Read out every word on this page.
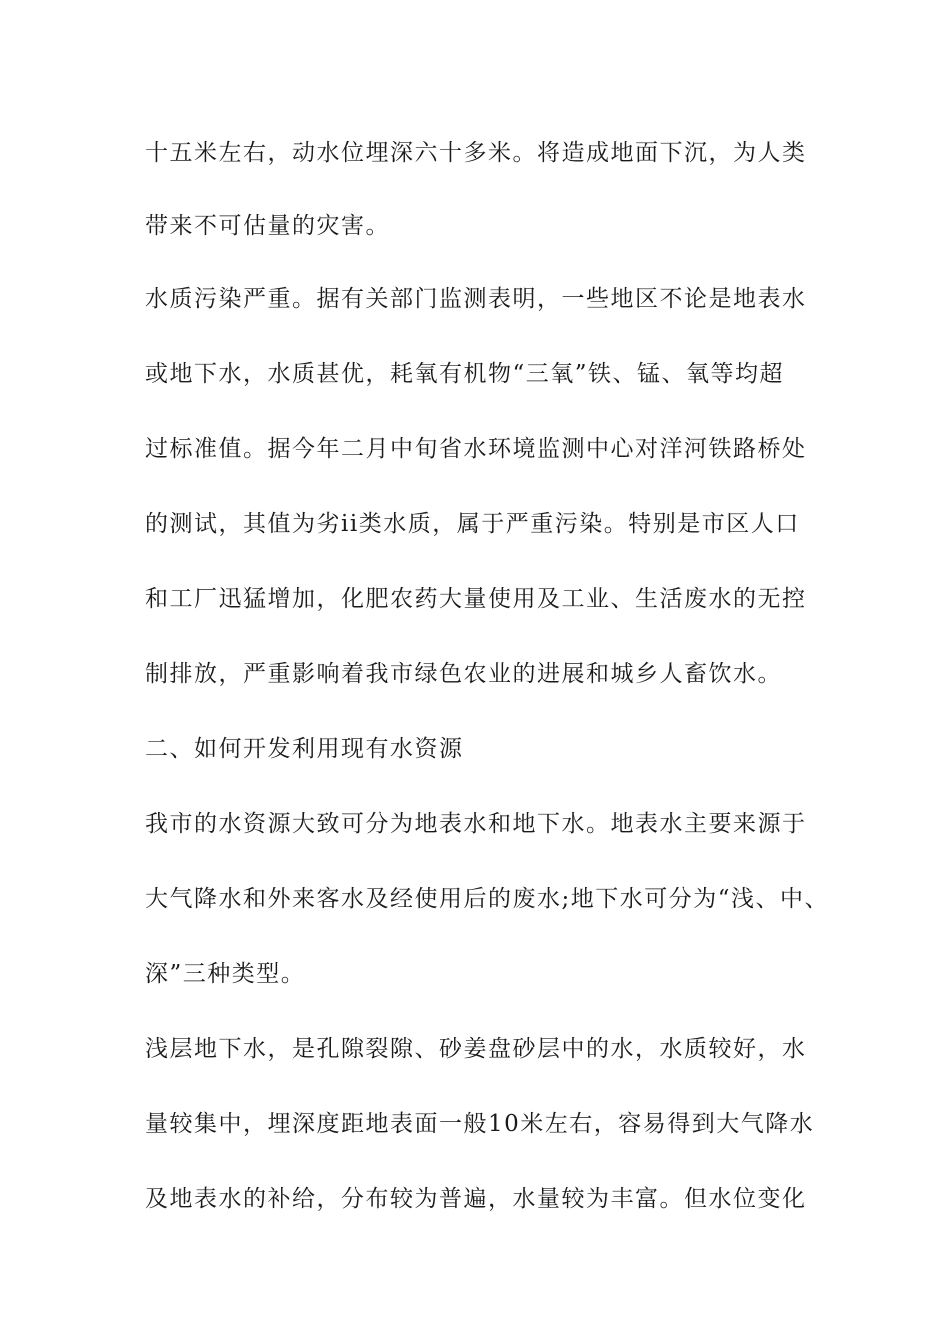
十五米左右，动水位埋深六十多米。将造成地面下沉，为人类
带来不可估量的灾害。
水质污染严重。据有关部门监测表明，一些地区不论是地表水
或地下水，水质甚优，耗氧有机物“三氧”铁、锰、氧等均超
过标准值。据今年二月中旬省水环境监测中心对洋河铁路桥处
的测试，其值为劣ii类水质，属于严重污染。特别是市区人口
和工厂迅猛增加，化肥农药大量使用及工业、生活废水的无控
制排放，严重影响着我市绿色农业的进展和城乡人畜饮水。
二、如何开发利用现有水资源
我市的水资源大致可分为地表水和地下水。地表水主要来源于
大气降水和外来客水及经使用后的废水;地下水可分为“浅、中、
深”三种类型。
浅层地下水，是孔隙裂隙、砂姜盘砂层中的水，水质较好，水
量较集中，埋深度距地表面一般10米左右，容易得到大气降水
及地表水的补给，分布较为普遍，水量较为丰富。但水位变化
